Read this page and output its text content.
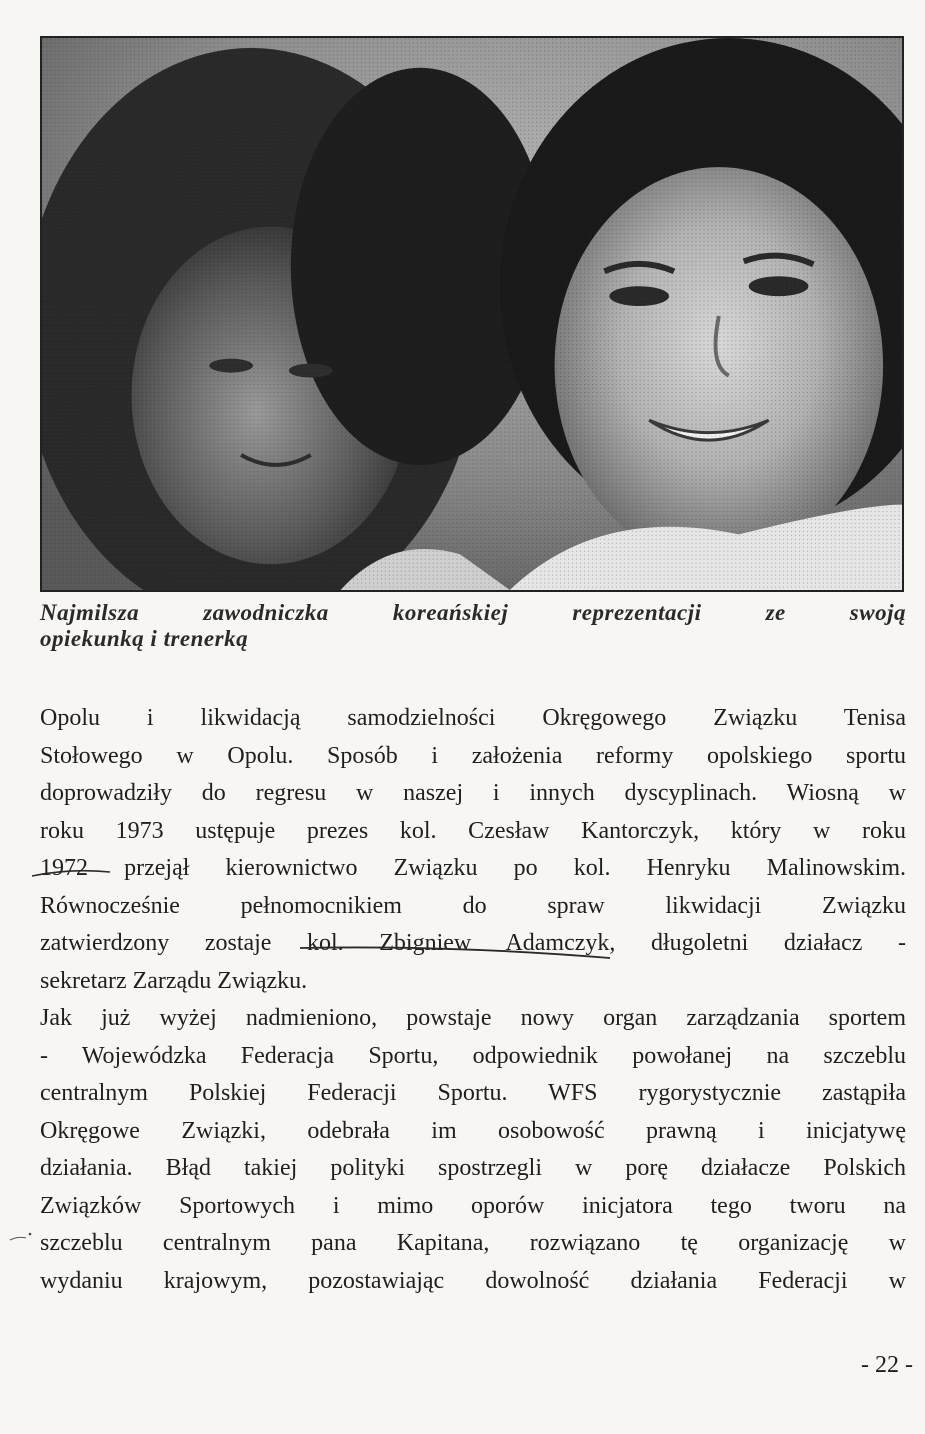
Najmilsza zawodniczka koreańskiej reprezentacji ze swoją
opiekunką i trenerką
Opolu i likwidacją samodzielności Okręgowego Związku Tenisa
Stołowego w Opolu. Sposób i założenia reformy opolskiego sportu
doprowadziły do regresu w naszej i innych dyscyplinach. Wiosną w
roku 1973 ustępuje prezes kol. Czesław Kantorczyk, który w roku
1972 przejął kierownictwo Związku po kol. Henryku Malinowskim.
Równocześnie pełnomocnikiem do spraw likwidacji Związku
zatwierdzony zostaje kol. Zbigniew Adamczyk, długoletni działacz -
sekretarz Zarządu Związku.
Jak już wyżej nadmieniono, powstaje nowy organ zarządzania sportem
- Wojewódzka Federacja Sportu, odpowiednik powołanej na szczeblu
centralnym Polskiej Federacji Sportu. WFS rygorystycznie zastąpiła
Okręgowe Związki, odebrała im osobowość prawną i inicjatywę
działania. Błąd takiej polityki spostrzegli w porę działacze Polskich
Związków Sportowych i mimo oporów inicjatora tego tworu na
szczeblu centralnym pana Kapitana, rozwiązano tę organizację w
wydaniu krajowym, pozostawiając dowolność działania Federacji w
- 22 -
